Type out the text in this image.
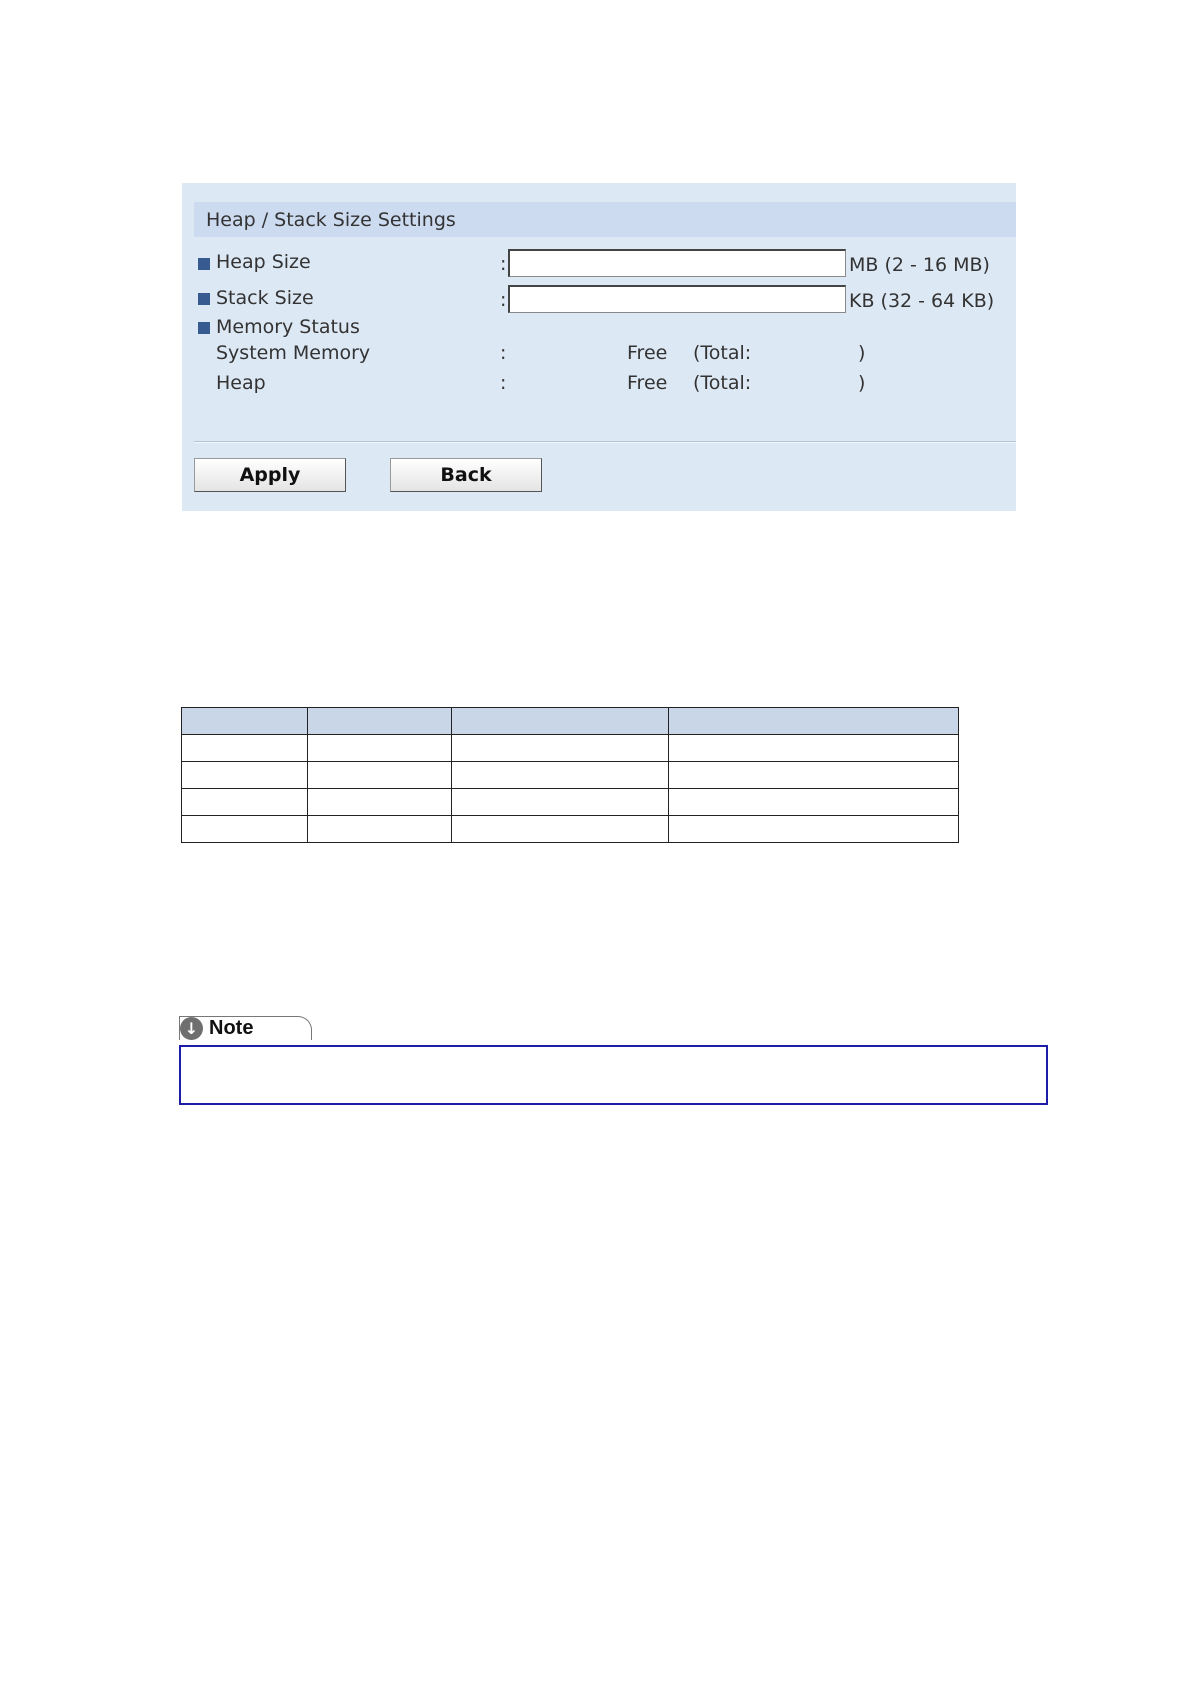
Heap / Stack Size Settings
Heap Size	:	MB (2 - 16 MB)
Stack Size	:	KB (32 - 64 KB)
Memory Status
System Memory	:	Free (Total:	)
Heap	:	Free (Total:	)
Apply	Back

↓ Note
